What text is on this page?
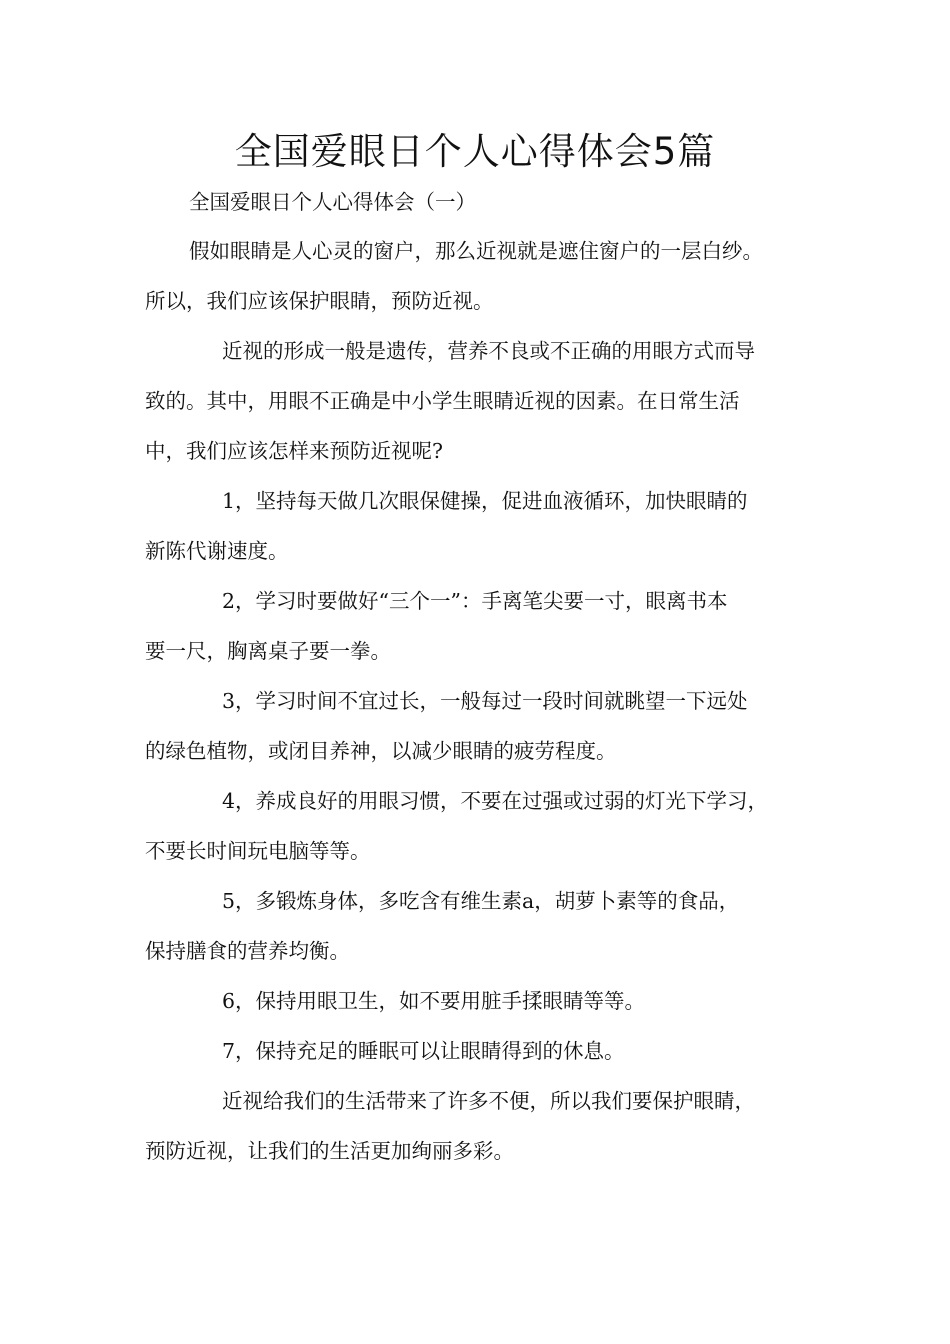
全国爱眼日个人心得体会5篇

全国爱眼日个人心得体会（一）

假如眼睛是人心灵的窗户，那么近视就是遮住窗户的一层白纱。

所以，我们应该保护眼睛，预防近视。

近视的形成一般是遗传，营养不良或不正确的用眼方式而导

致的。其中，用眼不正确是中小学生眼睛近视的因素。在日常生活

中，我们应该怎样来预防近视呢?

1，坚持每天做几次眼保健操，促进血液循环，加快眼睛的

新陈代谢速度。

2，学习时要做好“三个一”：手离笔尖要一寸，眼离书本

要一尺，胸离桌子要一拳。

3，学习时间不宜过长，一般每过一段时间就眺望一下远处

的绿色植物，或闭目养神，以减少眼睛的疲劳程度。

4，养成良好的用眼习惯，不要在过强或过弱的灯光下学习，

不要长时间玩电脑等等。

5，多锻炼身体，多吃含有维生素a，胡萝卜素等的食品，

保持膳食的营养均衡。

6，保持用眼卫生，如不要用脏手揉眼睛等等。

7，保持充足的睡眠可以让眼睛得到的休息。

近视给我们的生活带来了许多不便，所以我们要保护眼睛，

预防近视，让我们的生活更加绚丽多彩。
